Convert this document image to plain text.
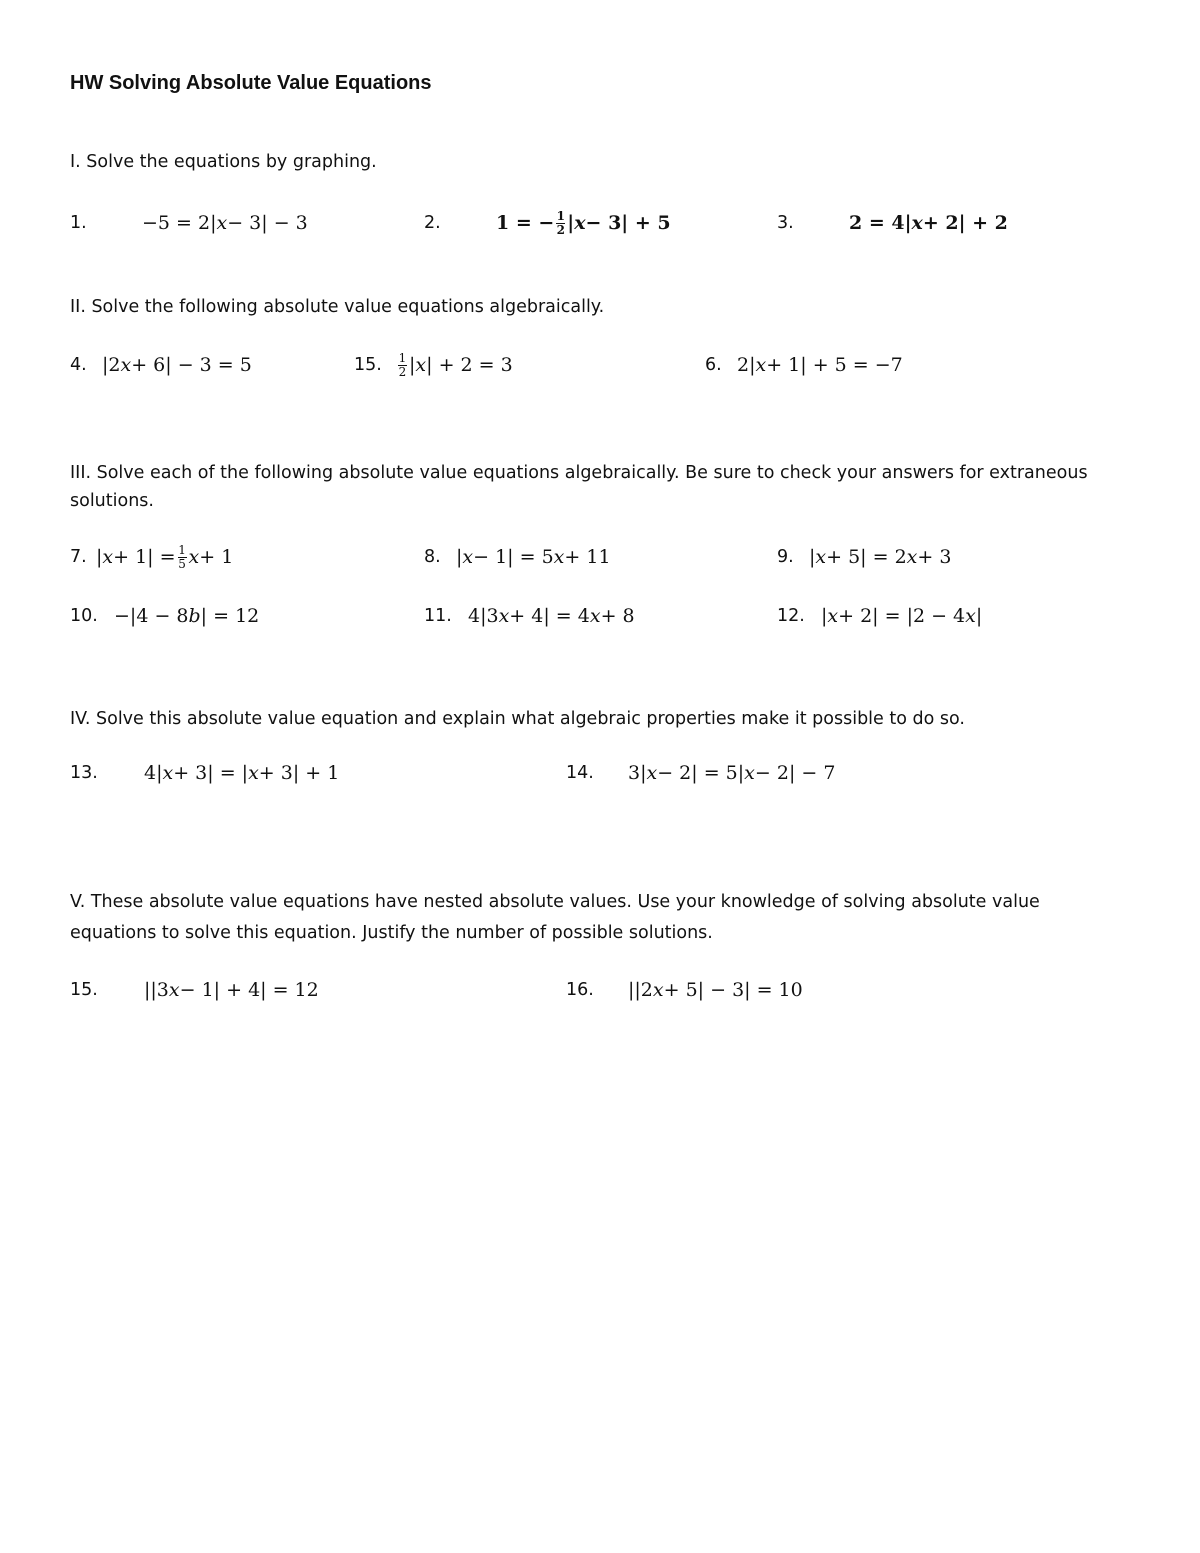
HW Solving Absolute Value Equations
I. Solve the equations by graphing.
1.	−5 = 2| x − 3| − 3	2.	1 = − $\frac{1}{2}$ | x − 3| + 5	3.	2 = 4| x + 2| + 2
II. Solve the following absolute value equations algebraically.
4. |2 x + 6| − 3 = 5	15.	$\frac{1}{2}$ | x | + 2 = 3	6. 2| x + 1| + 5 = −7
III. Solve each of the following absolute value equations algebraically. Be sure to check your answers for extraneous solutions.
7. | $x + 1| = \frac{1}{5}$ x + 1	8. | x − 1| = 5 x + 11	9. | x + 5| = 2 x + 3
10. −|4 − 8 b | = 12	11. 4|3 x + 4| = 4 x + 8	12. | x + 2| = |2 − 4 x |
IV. Solve this absolute value equation and explain what algebraic properties make it possible to do so.
13.	4| x + 3| = | x + 3| + 1	14.	3| x − 2| = 5| x − 2| − 7
V. These absolute value equations have nested absolute values. Use your knowledge of solving absolute value equations to solve this equation. Justify the number of possible solutions.
15.	||3 x − 1| + 4| = 12	16.	||2 x + 5| − 3| = 10
